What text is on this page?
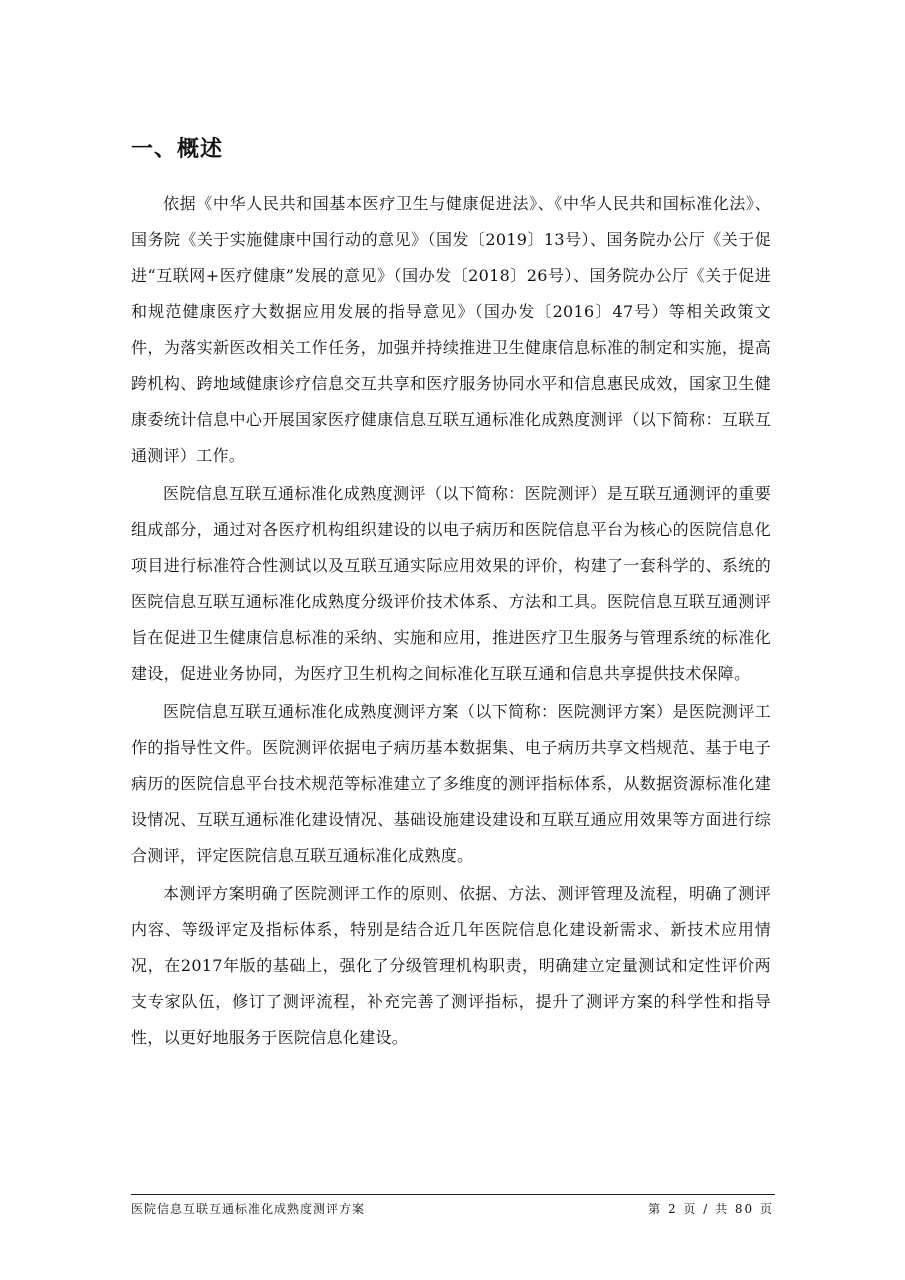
一、概述

依据《中华人民共和国基本医疗卫生与健康促进法》、《中华人民共和国标准化法》、国务院《关于实施健康中国行动的意见》（国发〔2019〕13号）、国务院办公厅《关于促进“互联网+医疗健康”发展的意见》（国办发〔2018〕26号）、国务院办公厅《关于促进和规范健康医疗大数据应用发展的指导意见》（国办发〔2016〕47号）等相关政策文件，为落实新医改相关工作任务，加强并持续推进卫生健康信息标准的制定和实施，提高跨机构、跨地域健康诊疗信息交互共享和医疗服务协同水平和信息惠民成效，国家卫生健康委统计信息中心开展国家医疗健康信息互联互通标准化成熟度测评（以下简称：互联互通测评）工作。

医院信息互联互通标准化成熟度测评（以下简称：医院测评）是互联互通测评的重要组成部分，通过对各医疗机构组织建设的以电子病历和医院信息平台为核心的医院信息化项目进行标准符合性测试以及互联互通实际应用效果的评价，构建了一套科学的、系统的医院信息互联互通标准化成熟度分级评价技术体系、方法和工具。医院信息互联互通测评旨在促进卫生健康信息标准的采纳、实施和应用，推进医疗卫生服务与管理系统的标准化建设，促进业务协同，为医疗卫生机构之间标准化互联互通和信息共享提供技术保障。

医院信息互联互通标准化成熟度测评方案（以下简称：医院测评方案）是医院测评工作的指导性文件。医院测评依据电子病历基本数据集、电子病历共享文档规范、基于电子病历的医院信息平台技术规范等标准建立了多维度的测评指标体系，从数据资源标准化建设情况、互联互通标准化建设情况、基础设施建设建设和互联互通应用效果等方面进行综合测评，评定医院信息互联互通标准化成熟度。

本测评方案明确了医院测评工作的原则、依据、方法、测评管理及流程，明确了测评内容、等级评定及指标体系，特别是结合近几年医院信息化建设新需求、新技术应用情况，在2017年版的基础上，强化了分级管理机构职责，明确建立定量测试和定性评价两支专家队伍，修订了测评流程，补充完善了测评指标，提升了测评方案的科学性和指导性，以更好地服务于医院信息化建设。

医院信息互联互通标准化成熟度测评方案	第 2 页 / 共 80 页
